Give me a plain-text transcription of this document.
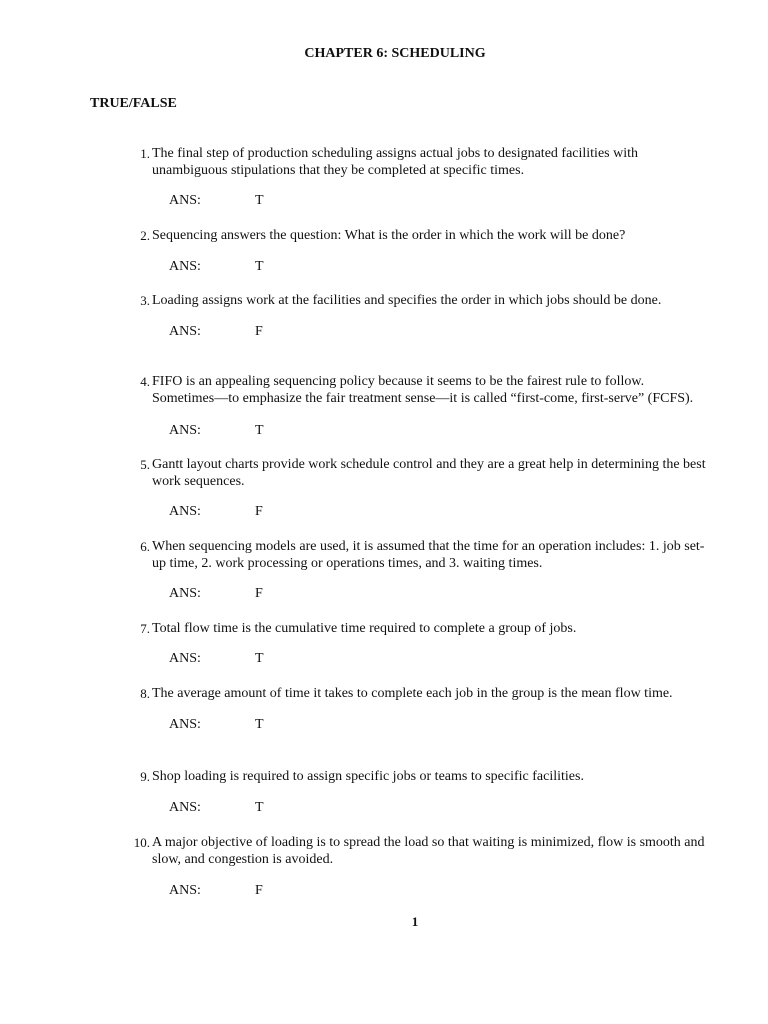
CHAPTER 6: SCHEDULING
TRUE/FALSE
1. The final step of production scheduling assigns actual jobs to designated facilities with unambiguous stipulations that they be completed at specific times.
ANS:	T
2. Sequencing answers the question: What is the order in which the work will be done?
ANS:	T
3. Loading assigns work at the facilities and specifies the order in which jobs should be done.
ANS:	F
4. FIFO is an appealing sequencing policy because it seems to be the fairest rule to follow. Sometimes—to emphasize the fair treatment sense—it is called “first-come, first-serve” (FCFS).
ANS:	T
5. Gantt layout charts provide work schedule control and they are a great help in determining the best work sequences.
ANS:	F
6. When sequencing models are used, it is assumed that the time for an operation includes: 1. job set-up time, 2. work processing or operations times, and 3. waiting times.
ANS:	F
7. Total flow time is the cumulative time required to complete a group of jobs.
ANS:	T
8. The average amount of time it takes to complete each job in the group is the mean flow time.
ANS:	T
9. Shop loading is required to assign specific jobs or teams to specific facilities.
ANS:	T
10. A major objective of loading is to spread the load so that waiting is minimized, flow is smooth and slow, and congestion is avoided.
ANS:	F
1
